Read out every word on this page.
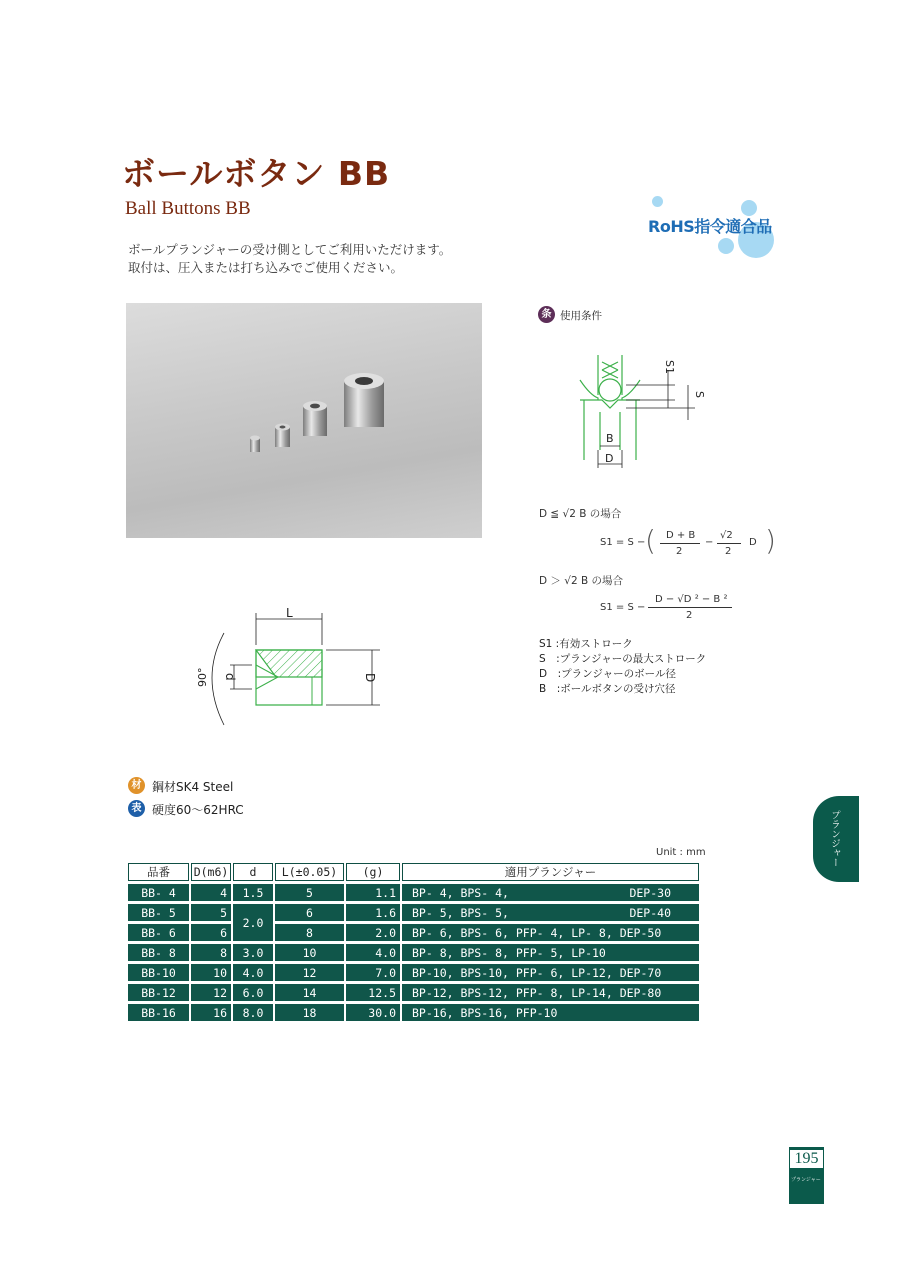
ボールボタン BB
Ball Buttons BB
ボールプランジャーの受け側としてご利用いただけます。
取付は、圧入または打ち込みでご使用ください。
RoHS指令適合品
条 使用条件
S1
S
B
D
D ≦ √2 B の場合
S1 = S − ( D + B
2
−
√2
2
D )
D ＞ √2 B の場合
S1 = S −
D − √D ² − B ²
2
S1 :有効ストローク
S　:プランジャーの最大ストローク
D　:プランジャーのボール径
B　:ボールボタンの受け穴径
L
D
d
90°
材 鋼材SK4 Steel
表 硬度60〜62HRC
Unit : mm
品番	D(m6)	d	L(±0.05)	(g)	適用プランジャー
BB- 4	4	1.5	5	1.1	BP- 4, BPS- 4, DEP-30

BB- 5	5	2.0	6	1.6	BP- 5, BPS- 5, DEP-40

BB- 6	6		8	2.0	BP- 6, BPS- 6, PFP- 4, LP- 8, DEP-50
BB- 8	8	3.0	10	4.0	BP- 8, BPS- 8, PFP- 5, LP-10
BB-10	10	4.0	12	7.0	BP-10, BPS-10, PFP- 6, LP-12, DEP-70
BB-12	12	6.0	14	12.5	BP-12, BPS-12, PFP- 8, LP-14, DEP-80
BB-16	16	8.0	18	30.0	BP-16, BPS-16, PFP-10
プランジャー
195
プランジャー
